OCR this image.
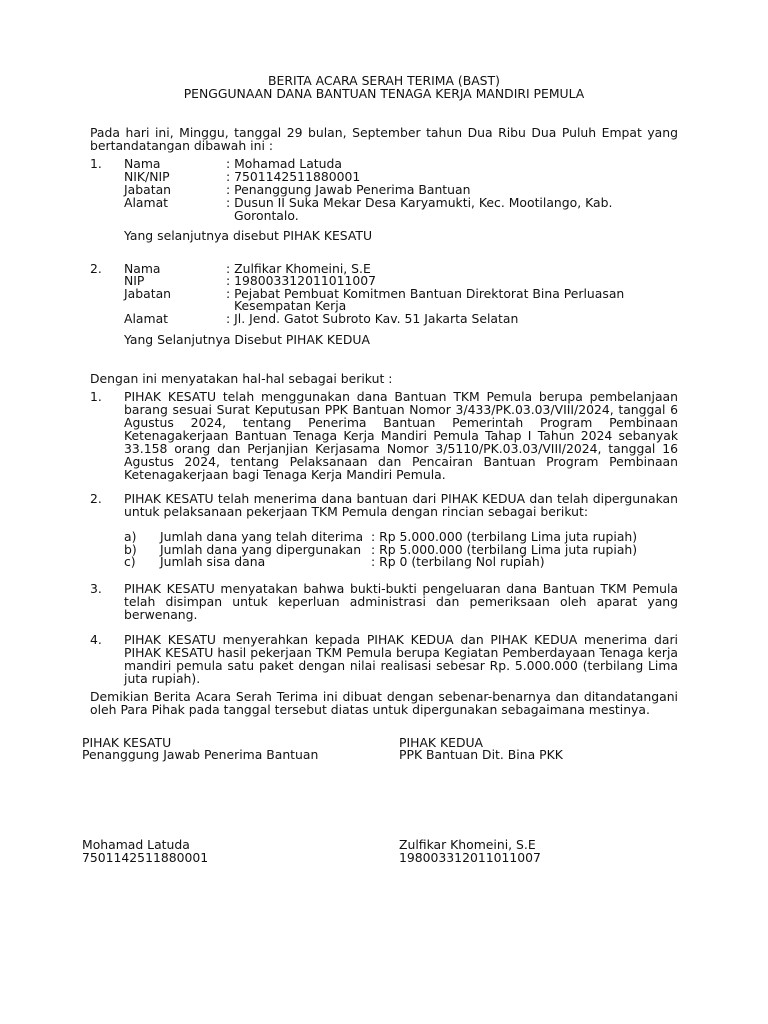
BERITA ACARA SERAH TERIMA (BAST)
PENGGUNAAN DANA BANTUAN TENAGA KERJA MANDIRI PEMULA
Pada hari ini, Minggu, tanggal 29 bulan, September tahun Dua Ribu Dua Puluh Empat yang bertandatangan dibawah ini :
1. Nama	: Mohamad Latuda
NIK/NIP	: 7501142511880001
Jabatan	: Penanggung Jawab Penerima Bantuan
Alamat	: Dusun II Suka Mekar Desa Karyamukti, Kec. Mootilango, Kab.
Gorontalo.
Yang selanjutnya disebut PIHAK KESATU
2. Nama	: Zulfikar Khomeini, S.E
NIP	: 198003312011011007
Jabatan	: Pejabat Pembuat Komitmen Bantuan Direktorat Bina Perluasan
Kesempatan Kerja
Alamat	: Jl. Jend. Gatot Subroto Kav. 51 Jakarta Selatan
Yang Selanjutnya Disebut PIHAK KEDUA
Dengan ini menyatakan hal-hal sebagai berikut :
1. PIHAK KESATU telah menggunakan dana Bantuan TKM Pemula berupa pembelanjaan barang sesuai Surat Keputusan PPK Bantuan Nomor 3/433/PK.03.03/VIII/2024, tanggal 6 Agustus 2024, tentang Penerima Bantuan Pemerintah Program Pembinaan Ketenagakerjaan Bantuan Tenaga Kerja Mandiri Pemula Tahap I Tahun 2024 sebanyak 33.158 orang dan Perjanjian Kerjasama Nomor 3/5110/PK.03.03/VIII/2024, tanggal 16 Agustus 2024, tentang Pelaksanaan dan Pencairan Bantuan Program Pembinaan Ketenagakerjaan bagi Tenaga Kerja Mandiri Pemula.
2. PIHAK KESATU telah menerima dana bantuan dari PIHAK KEDUA dan telah dipergunakan untuk pelaksanaan pekerjaan TKM Pemula dengan rincian sebagai berikut:
a) Jumlah dana yang telah diterima : Rp 5.000.000 (terbilang Lima juta rupiah)
b) Jumlah dana yang dipergunakan : Rp 5.000.000 (terbilang Lima juta rupiah)
c) Jumlah sisa dana	: Rp 0 (terbilang Nol rupiah)
3. PIHAK KESATU menyatakan bahwa bukti-bukti pengeluaran dana Bantuan TKM Pemula telah disimpan untuk keperluan administrasi dan pemeriksaan oleh aparat yang berwenang.
4. PIHAK KESATU menyerahkan kepada PIHAK KEDUA dan PIHAK KEDUA menerima dari PIHAK KESATU hasil pekerjaan TKM Pemula berupa Kegiatan Pemberdayaan Tenaga kerja mandiri pemula satu paket dengan nilai realisasi sebesar Rp. 5.000.000 (terbilang Lima juta rupiah).
Demikian Berita Acara Serah Terima ini dibuat dengan sebenar-benarnya dan ditandatangani oleh Para Pihak pada tanggal tersebut diatas untuk dipergunakan sebagaimana mestinya.
PIHAK KESATU
Penanggung Jawab Penerima Bantuan
Mohamad Latuda
7501142511880001
PIHAK KEDUA
PPK Bantuan Dit. Bina PKK
Zulfikar Khomeini, S.E
198003312011011007
